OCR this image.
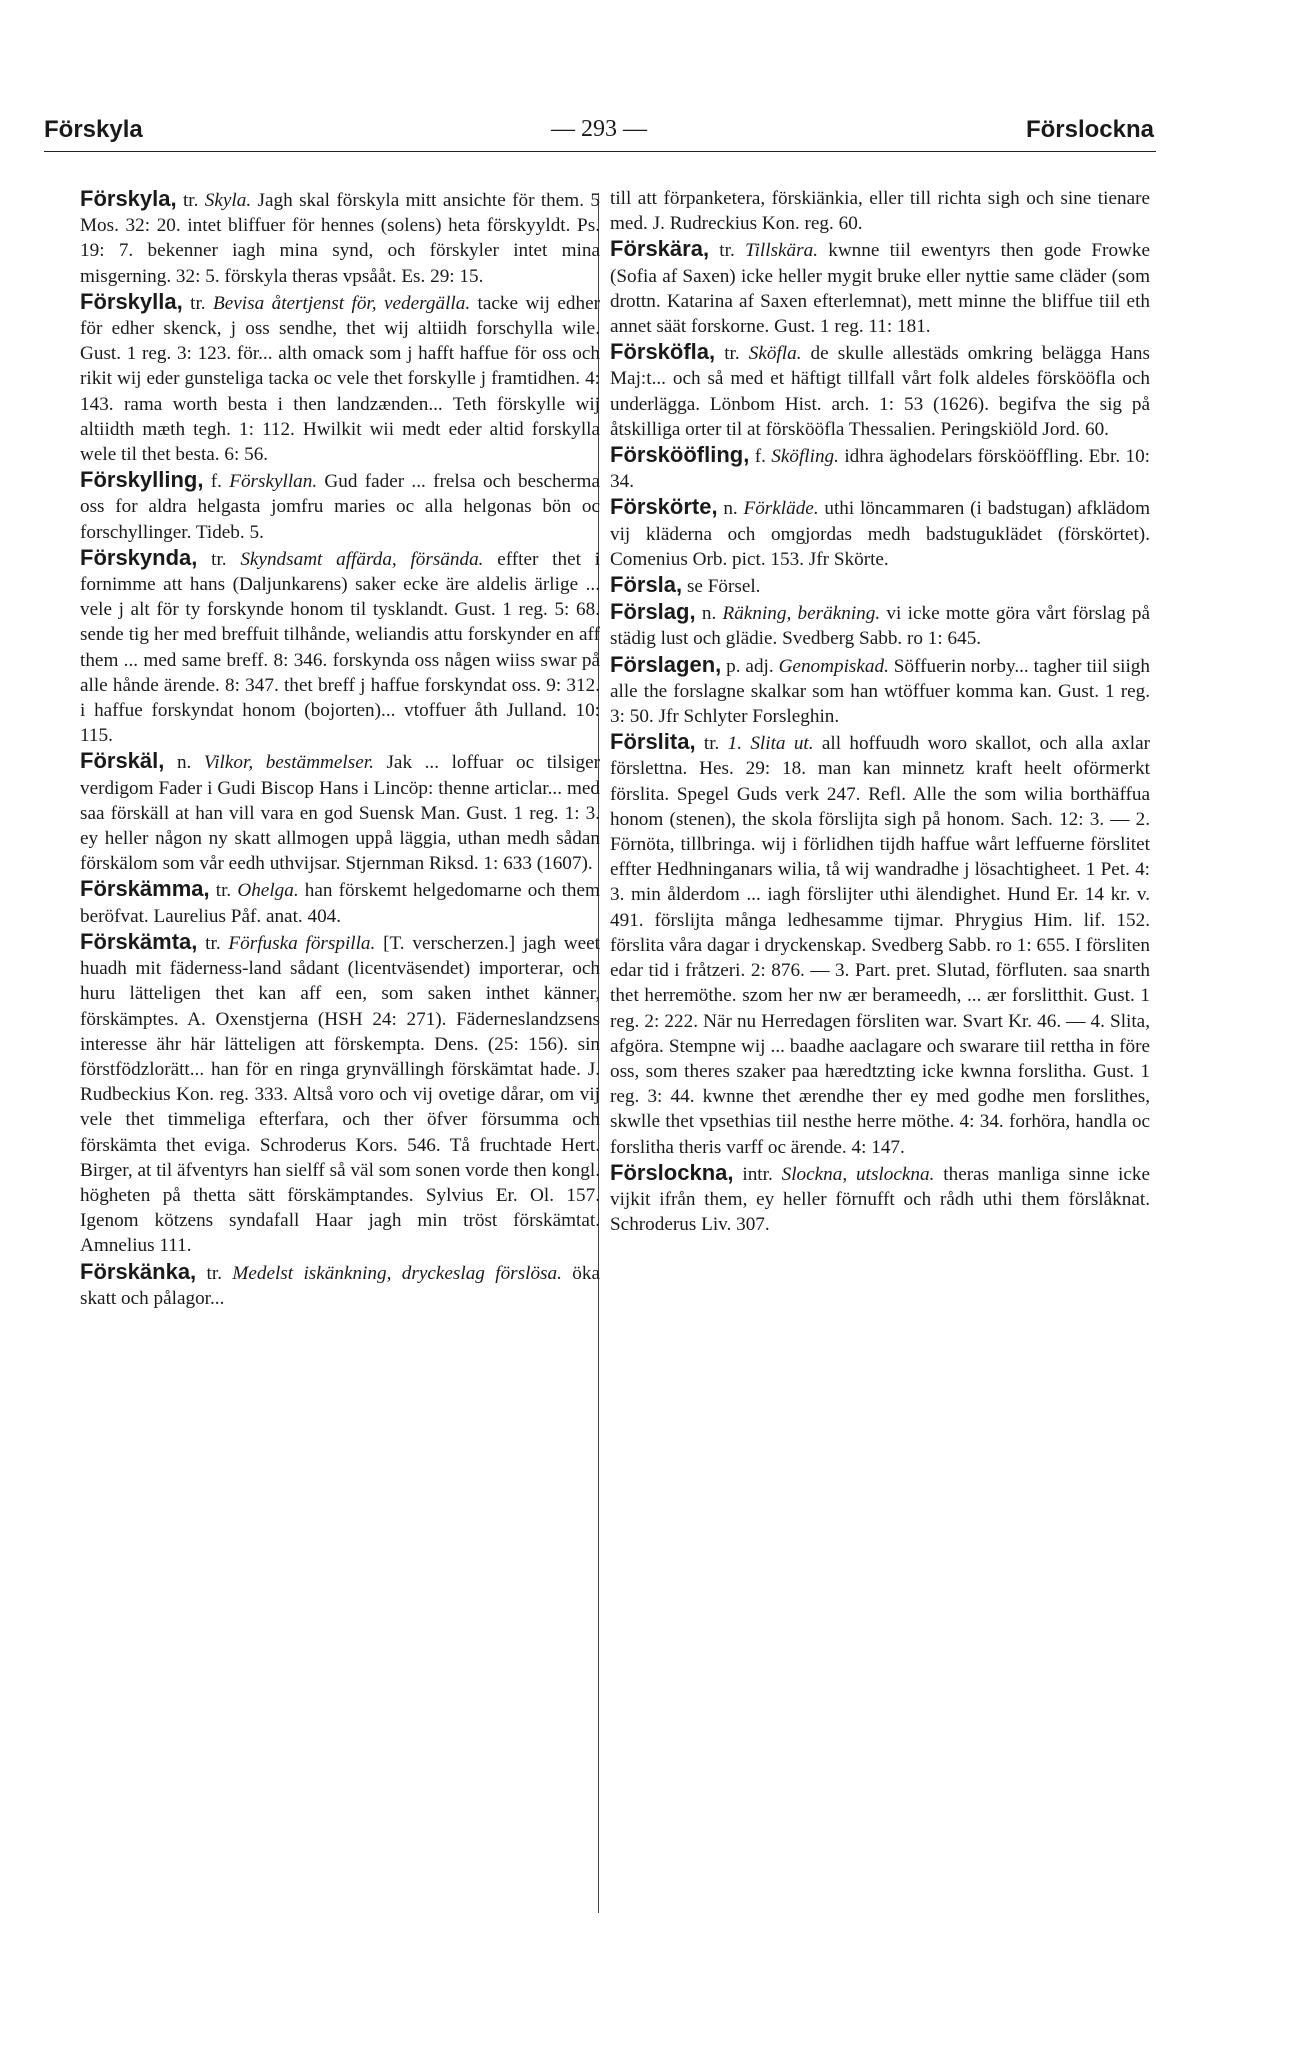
Förskyla	— 293 —	Förslockna

Förskyla, tr. Skyla. Jagh skal förskyla mitt ansichte för them. 5 Mos. 32: 20. intet bliffuer för hennes (solens) heta förskyyldt. Ps. 19: 7. bekenner iagh mina synd, och förskyler intet mina misgerning. 32: 5. förskyla theras vpsååt. Es. 29: 15.

Förskylla, tr. Bevisa återtjenst för, vedergälla. tacke wij edher för edher skenck, j oss sendhe, thet wij altiidh forschylla wile. Gust. 1 reg. 3: 123. för... alth omack som j hafft haffue för oss och rikit wij eder gunsteliga tacka oc vele thet forskylle j framtidhen. 4: 143. rama worth besta i then landzænden... Teth förskylle wij altiidth mæth tegh. 1: 112. Hwilkit wii medt eder altid forskylla wele til thet besta. 6: 56.

Förskylling, f. Förskyllan. Gud fader ... frelsa och bescherma oss for aldra helgasta jomfru maries oc alla helgonas bön oc forschyllinger. Tideb. 5.

Förskynda, tr. Skyndsamt affärda, försända. effter thet i fornimme att hans (Daljunkarens) saker ecke äre aldelis ärlige ... vele j alt för ty forskynde honom til tysklandt. Gust. 1 reg. 5: 68. sende tig her med breffuit tilhånde, weliandis attu forskynder en aff them ... med same breff. 8: 346. forskynda oss någen wiiss swar på alle hånde ärende. 8: 347. thet breff j haffue forskyndat oss. 9: 312. i haffue forskyndat honom (bojorten)... vtoffuer åth Julland. 10: 115.

Förskäl, n. Vilkor, bestämmelser. Jak ... loffuar oc tilsiger verdigom Fader i Gudi Biscop Hans i Lincöp: thenne articlar... med saa förskäll at han vill vara en god Suensk Man. Gust. 1 reg. 1: 3. ey heller någon ny skatt allmogen uppå läggia, uthan medh sådan förskälom som vår eedh uthvijsar. Stjernman Riksd. 1: 633 (1607).

Förskämma, tr. Ohelga. han förskemt helgedomarne och them beröfvat. Laurelius Påf. anat. 404.

Förskämta, tr. Förfuska förspilla. [T. verscherzen.] jagh weet huadh mit fäderness-land sådant (licentväsendet) importerar, och huru lätteligen thet kan aff een, som saken inthet känner, förskämptes. A. Oxenstjerna (HSH 24: 271). Fäderneslandzsens interesse ähr här lätteligen att förskempta. Dens. (25: 156). sin förstfödzlorätt... han för en ringa grynvällingh förskämtat hade. J. Rudbeckius Kon. reg. 333. Altså voro och vij ovetige dårar, om vij vele thet timmeliga efterfara, och ther öfver försumma och förskämta thet eviga. Schroderus Kors. 546. Tå fruchtade Hert. Birger, at til äfventyrs han sielff så väl som sonen vorde then kongl. högheten på thetta sätt förskämptandes. Sylvius Er. Ol. 157. Igenom kötzens syndafall Haar jagh min tröst förskämtat. Amnelius 111.

Förskänka, tr. Medelst iskänkning, dryckeslag förslösa. öka skatt och pålagor...

till att förpanketera, förskiänkia, eller till richta sigh och sine tienare med. J. Rudreckius Kon. reg. 60.

Förskära, tr. Tillskära. kwnne tiil ewentyrs then gode Frowke (Sofia af Saxen) icke heller mygit bruke eller nyttie same cläder (som drottn. Katarina af Saxen efterlemnat), mett minne the bliffue tiil eth annet säät forskorne. Gust. 1 reg. 11: 181.

Försköfla, tr. Sköfla. de skulle allestäds omkring belägga Hans Maj:t... och så med et häftigt tillfall vårt folk aldeles förskööfla och underlägga. Lönbom Hist. arch. 1: 53 (1626). begifva the sig på åtskilliga orter til at förskööfla Thessalien. Peringskiöld Jord. 60.

Förskööfling, f. Sköfling. idhra äghodelars förskööffling. Ebr. 10: 34.

Förskörte, n. Förkläde. uthi löncammaren (i badstugan) afklädom vij kläderna och omgjordas medh badstuguklädet (förskörtet). Comenius Orb. pict. 153. Jfr Skörte.

Försla, se Försel.

Förslag, n. Räkning, beräkning. vi icke motte göra vårt förslag på städig lust och glädie. Svedberg Sabb. ro 1: 645.

Förslagen, p. adj. Genompiskad. Söffuerin norby... tagher tiil siigh alle the forslagne skalkar som han wtöffuer komma kan. Gust. 1 reg. 3: 50. Jfr Schlyter Forsleghin.

Förslita, tr. 1. Slita ut. all hoffuudh woro skallot, och alla axlar förslettna. Hes. 29: 18. man kan minnetz kraft heelt oförmerkt förslita. Spegel Guds verk 247. Refl. Alle the som wilia borthäffua honom (stenen), the skola förslijta sigh på honom. Sach. 12: 3. — 2. Förnöta, tillbringa. wij i förlidhen tijdh haffue wårt leffuerne förslitet effter Hedhninganars wilia, tå wij wandradhe j lösachtigheet. 1 Pet. 4: 3. min ålderdom ... iagh förslijter uthi älendighet. Hund Er. 14 kr. v. 491. förslijta många ledhesamme tijmar. Phrygius Him. lif. 152. förslita våra dagar i dryckenskap. Svedberg Sabb. ro 1: 655. I försliten edar tid i fråtzeri. 2: 876. — 3. Part. pret. Slutad, förfluten. saa snarth thet herremöthe. szom her nw ær berameedh, ... ær forslitthit. Gust. 1 reg. 2: 222. När nu Herredagen försliten war. Svart Kr. 46. — 4. Slita, afgöra. Stempne wij ... baadhe aaclagare och swarare tiil rettha in före oss, som theres szaker paa hæredtzting icke kwnna forslitha. Gust. 1 reg. 3: 44. kwnne thet ærendhe ther ey med godhe men forslithes, skwlle thet vpsethias tiil nesthe herre möthe. 4: 34. forhöra, handla oc forslitha theris varff oc ärende. 4: 147.

Förslockna, intr. Slockna, utslockna. theras manliga sinne icke vijkit ifrån them, ey heller förnufft och rådh uthi them förslåknat. Schroderus Liv. 307.
